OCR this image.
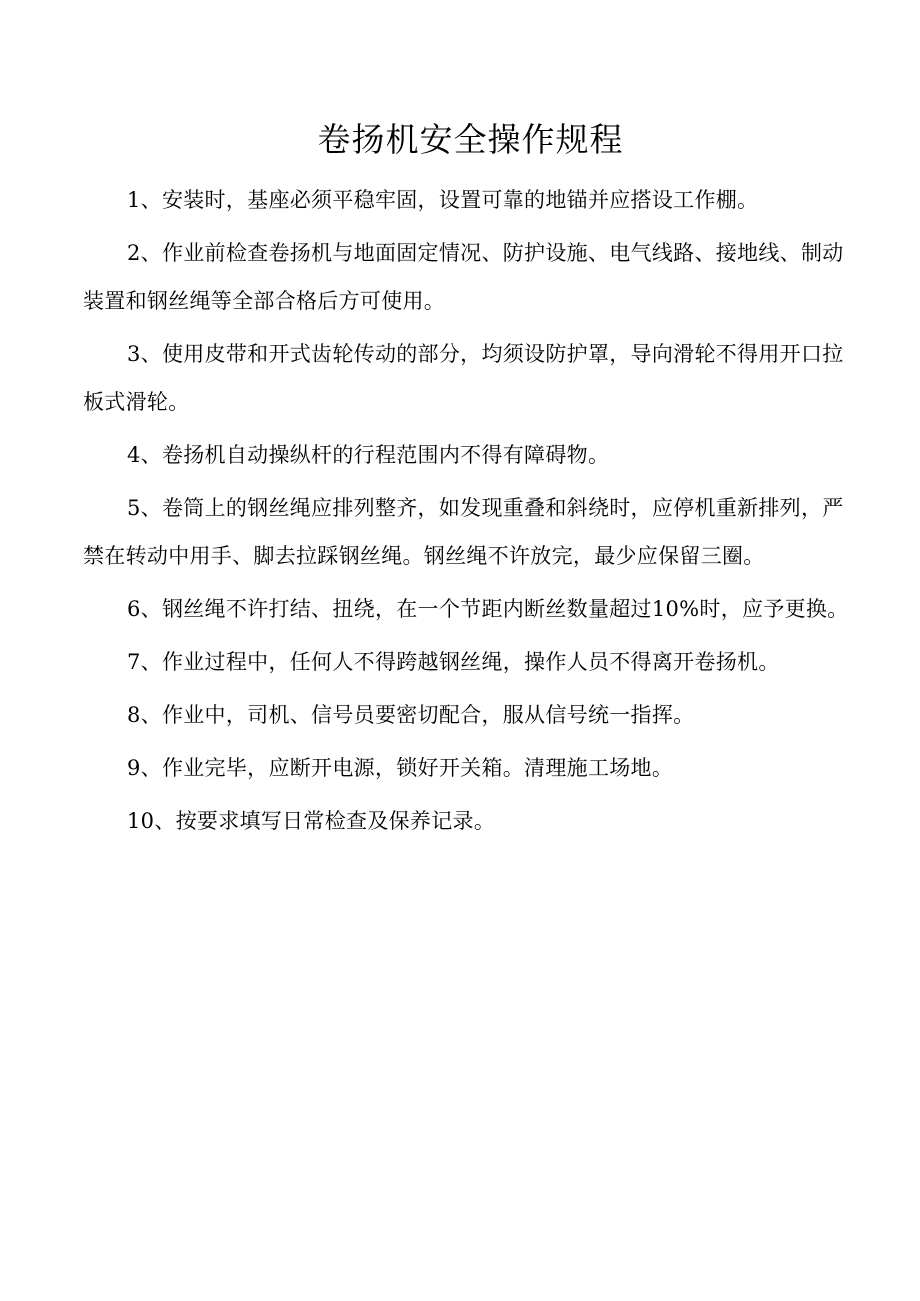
卷扬机安全操作规程

1、安装时，基座必须平稳牢固，设置可靠的地锚并应搭设工作棚。

2、作业前检查卷扬机与地面固定情况、防护设施、电气线路、接地线、制动装置和钢丝绳等全部合格后方可使用。

3、使用皮带和开式齿轮传动的部分，均须设防护罩，导向滑轮不得用开口拉板式滑轮。

4、卷扬机自动操纵杆的行程范围内不得有障碍物。

5、卷筒上的钢丝绳应排列整齐，如发现重叠和斜绕时，应停机重新排列，严禁在转动中用手、脚去拉踩钢丝绳。钢丝绳不许放完，最少应保留三圈。

6、钢丝绳不许打结、扭绕，在一个节距内断丝数量超过10%时，应予更换。

7、作业过程中，任何人不得跨越钢丝绳，操作人员不得离开卷扬机。

8、作业中，司机、信号员要密切配合，服从信号统一指挥。

9、作业完毕，应断开电源，锁好开关箱。清理施工场地。

10、按要求填写日常检查及保养记录。
